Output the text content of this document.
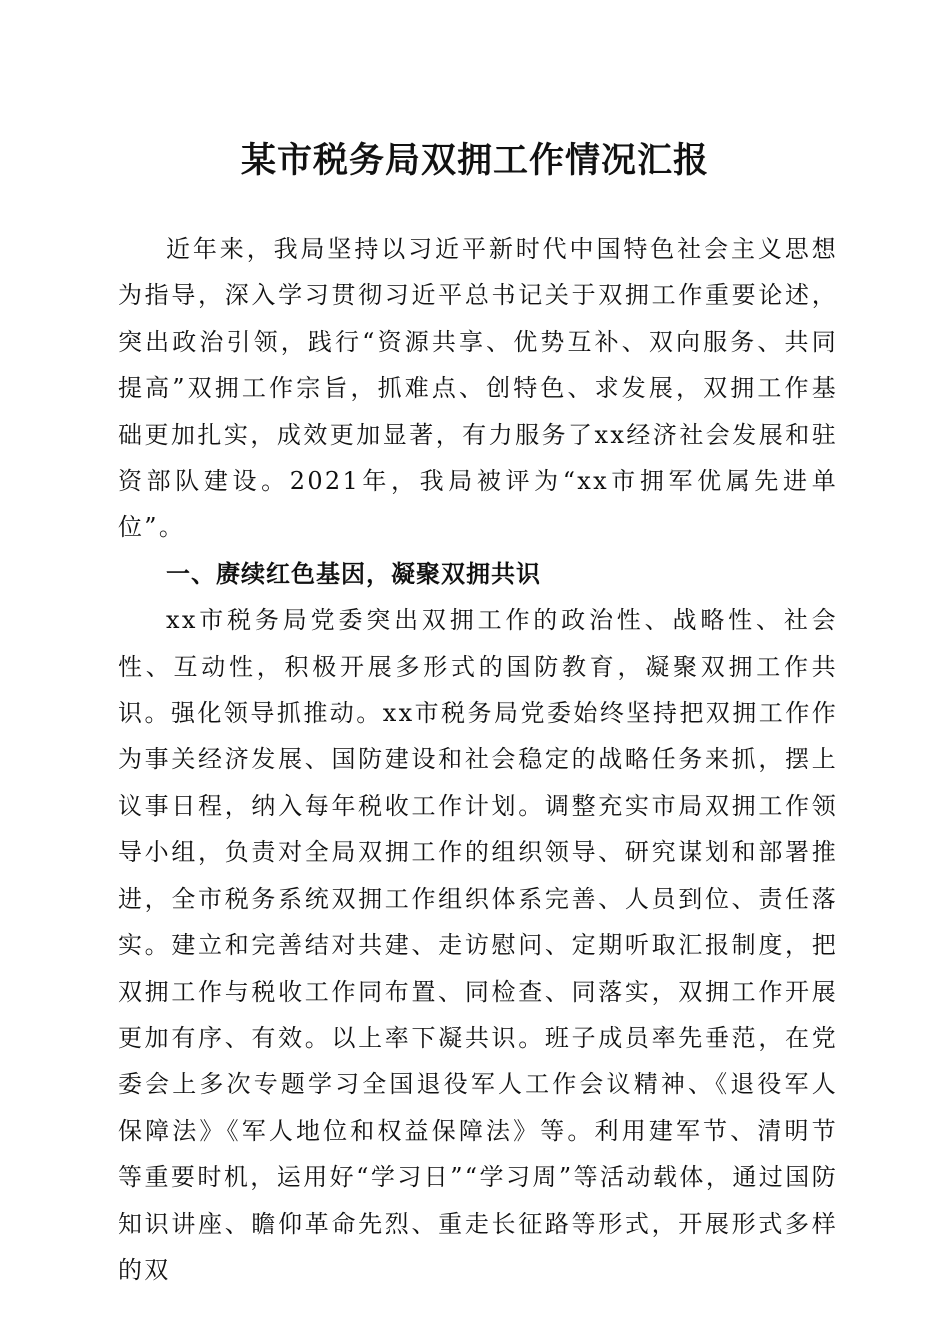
某市税务局双拥工作情况汇报

近年来，我局坚持以习近平新时代中国特色社会主义思想为指导，深入学习贯彻习近平总书记关于双拥工作重要论述，突出政治引领，践行“资源共享、优势互补、双向服务、共同提高”双拥工作宗旨，抓难点、创特色、求发展，双拥工作基础更加扎实，成效更加显著，有力服务了xx经济社会发展和驻资部队建设。2021年，我局被评为“xx市拥军优属先进单位”。

一、赓续红色基因，凝聚双拥共识

xx市税务局党委突出双拥工作的政治性、战略性、社会性、互动性，积极开展多形式的国防教育，凝聚双拥工作共识。强化领导抓推动。xx市税务局党委始终坚持把双拥工作作为事关经济发展、国防建设和社会稳定的战略任务来抓，摆上议事日程，纳入每年税收工作计划。调整充实市局双拥工作领导小组，负责对全局双拥工作的组织领导、研究谋划和部署推进，全市税务系统双拥工作组织体系完善、人员到位、责任落实。建立和完善结对共建、走访慰问、定期听取汇报制度，把双拥工作与税收工作同布置、同检查、同落实，双拥工作开展更加有序、有效。以上率下凝共识。班子成员率先垂范，在党委会上多次专题学习全国退役军人工作会议精神、《退役军人保障法》《军人地位和权益保障法》等。利用建军节、清明节等重要时机，运用好“学习日”“学习周”等活动载体，通过国防知识讲座、瞻仰革命先烈、重走长征路等形式，开展形式多样的双
